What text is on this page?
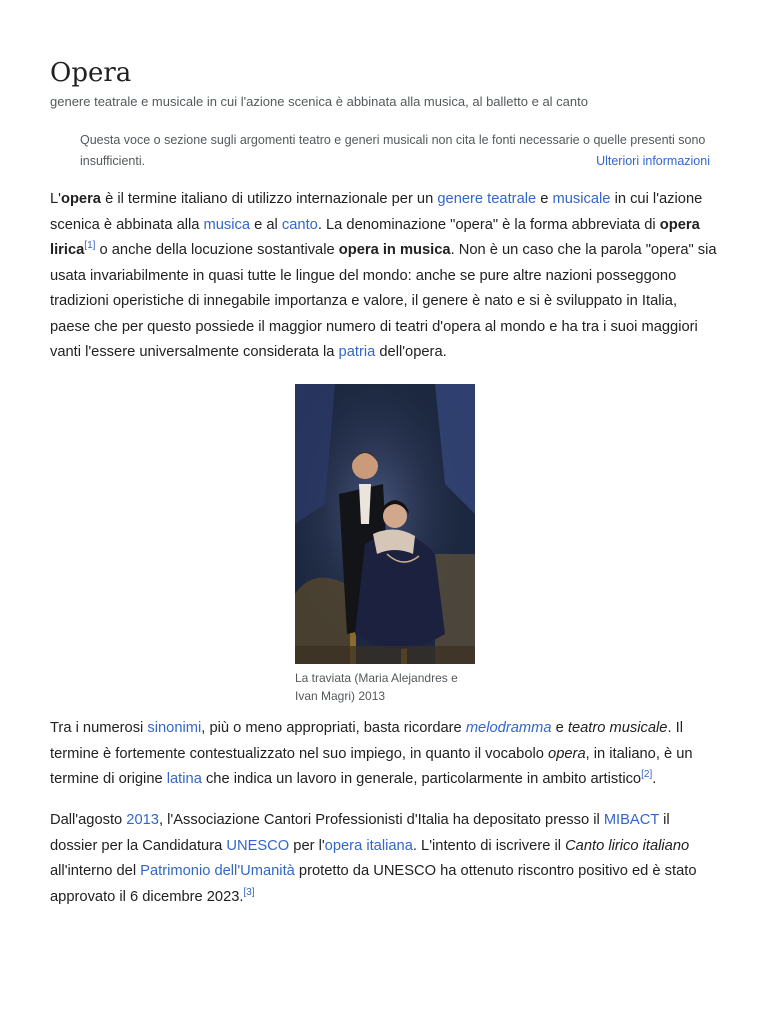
Opera
genere teatrale e musicale in cui l'azione scenica è abbinata alla musica, al balletto e al canto
Questa voce o sezione sugli argomenti teatro e generi musicali non cita le fonti necessarie o quelle presenti sono insufficienti.	Ulteriori informazioni

L'opera è il termine italiano di utilizzo internazionale per un genere teatrale e musicale in cui l'azione scenica è abbinata alla musica e al canto. La denominazione "opera" è la forma abbreviata di opera lirica[1] o anche della locuzione sostantivale opera in musica. Non è un caso che la parola "opera" sia usata invariabilmente in quasi tutte le lingue del mondo: anche se pure altre nazioni posseggono tradizioni operistiche di innegabile importanza e valore, il genere è nato e si è sviluppato in Italia, paese che per questo possiede il maggior numero di teatri d'opera al mondo e ha tra i suoi maggiori vanti l'essere universalmente considerata la patria dell'opera.

La traviata (Maria Alejandres e Ivan Magri) 2013

Tra i numerosi sinonimi, più o meno appropriati, basta ricordare melodramma e teatro musicale. Il termine è fortemente contestualizzato nel suo impiego, in quanto il vocabolo opera, in italiano, è un termine di origine latina che indica un lavoro in generale, particolarmente in ambito artistico[2].

Dall'agosto 2013, l'Associazione Cantori Professionisti d'Italia ha depositato presso il MIBACT il dossier per la Candidatura UNESCO per l'opera italiana. L'intento di iscrivere il Canto lirico italiano all'interno del Patrimonio dell'Umanità protetto da UNESCO ha ottenuto riscontro positivo ed è stato approvato il 6 dicembre 2023.[3]
